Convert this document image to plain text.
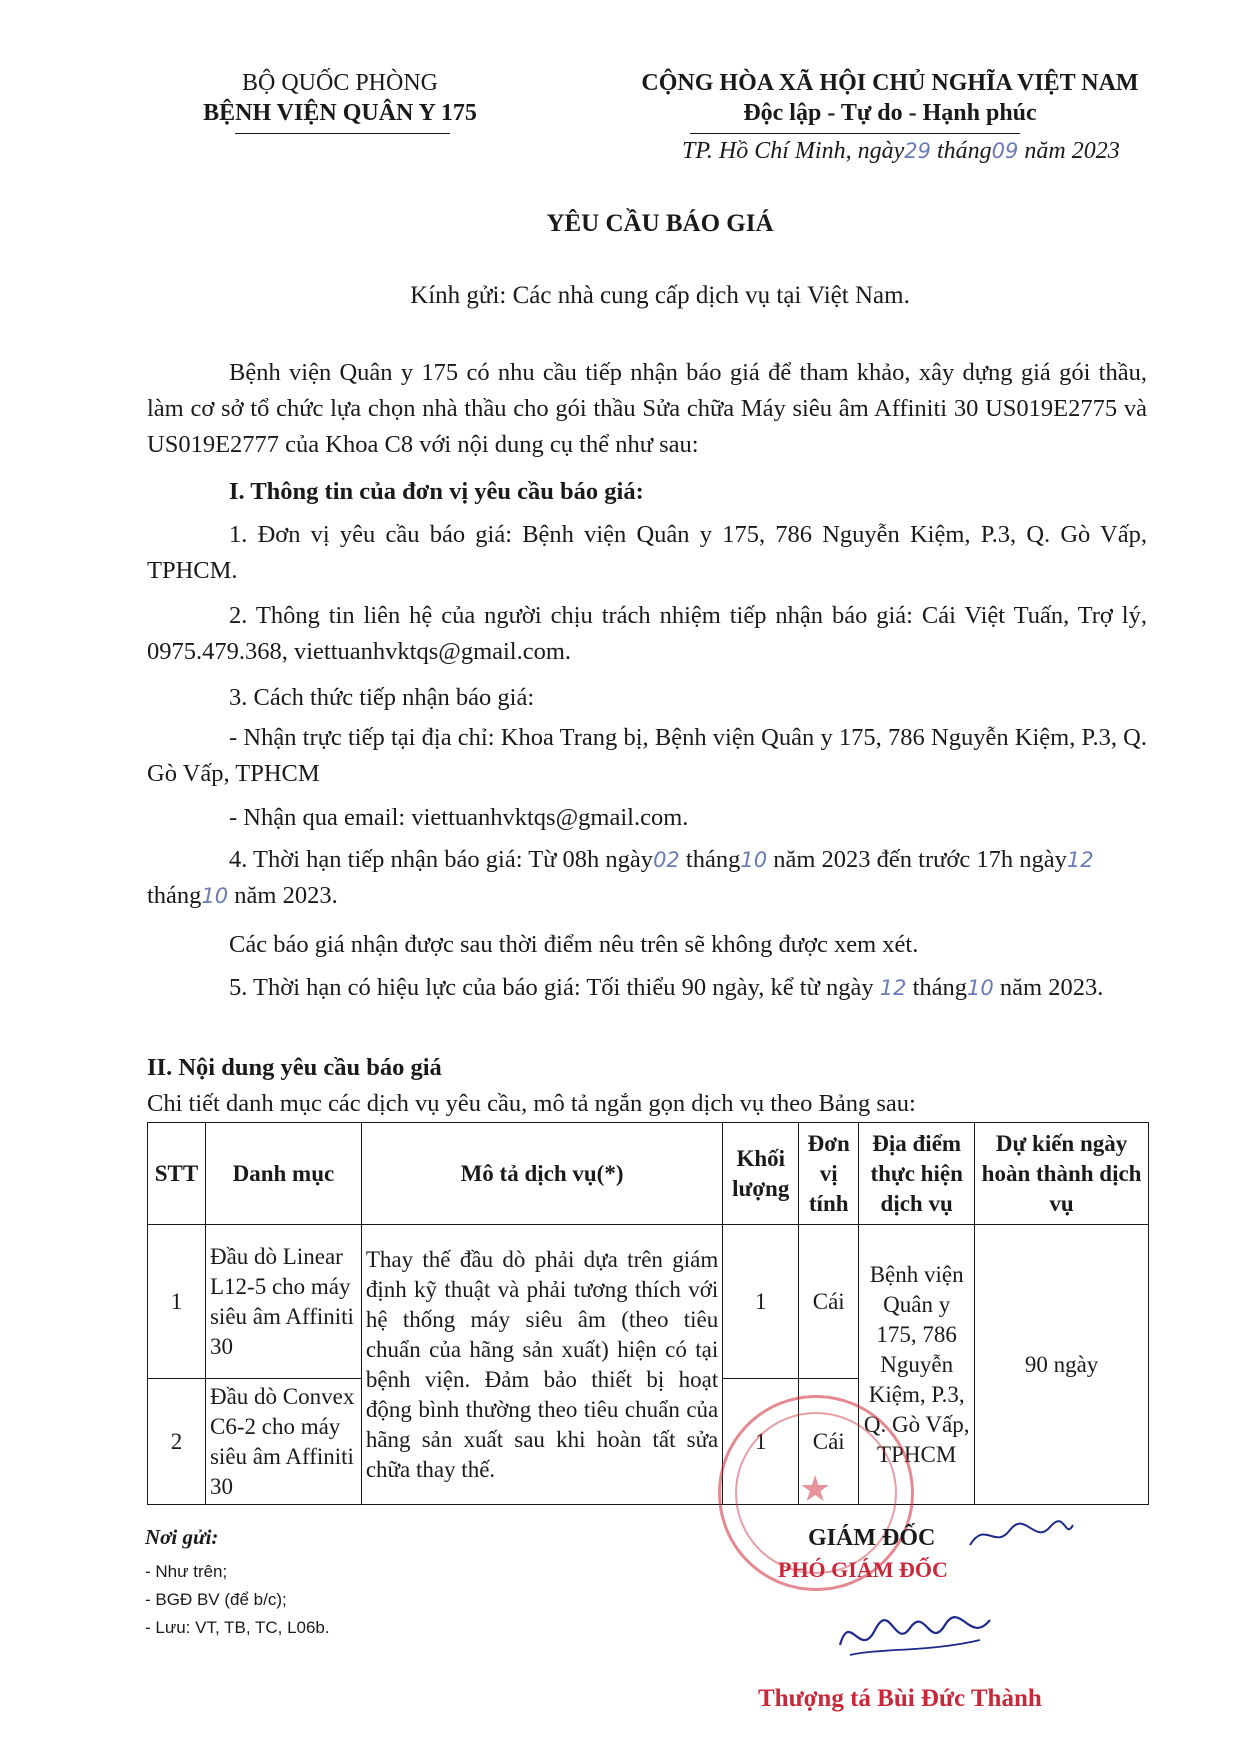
BỘ QUỐC PHÒNG
BỆNH VIỆN QUÂN Y 175
CỘNG HÒA XÃ HỘI CHỦ NGHĨA VIỆT NAM
Độc lập - Tự do - Hạnh phúc
TP. Hồ Chí Minh, ngày29 tháng09 năm 2023
YÊU CẦU BÁO GIÁ
Kính gửi: Các nhà cung cấp dịch vụ tại Việt Nam.
Bệnh viện Quân y 175 có nhu cầu tiếp nhận báo giá để tham khảo, xây dựng giá gói thầu, làm cơ sở tổ chức lựa chọn nhà thầu cho gói thầu Sửa chữa Máy siêu âm Affiniti 30 US019E2775 và US019E2777 của Khoa C8 với nội dung cụ thể như sau:
I. Thông tin của đơn vị yêu cầu báo giá:
1. Đơn vị yêu cầu báo giá: Bệnh viện Quân y 175, 786 Nguyễn Kiệm, P.3, Q. Gò Vấp, TPHCM.
2. Thông tin liên hệ của người chịu trách nhiệm tiếp nhận báo giá: Cái Việt Tuấn, Trợ lý, 0975.479.368, viettuanhvktqs@gmail.com.
3. Cách thức tiếp nhận báo giá:
- Nhận trực tiếp tại địa chỉ: Khoa Trang bị, Bệnh viện Quân y 175, 786 Nguyễn Kiệm, P.3, Q. Gò Vấp, TPHCM
- Nhận qua email: viettuanhvktqs@gmail.com.
4. Thời hạn tiếp nhận báo giá: Từ 08h ngày02 tháng10 năm 2023 đến trước 17h ngày12 tháng10 năm 2023.
Các báo giá nhận được sau thời điểm nêu trên sẽ không được xem xét.
5. Thời hạn có hiệu lực của báo giá: Tối thiểu 90 ngày, kể từ ngày 12 tháng10 năm 2023.
II. Nội dung yêu cầu báo giá
Chi tiết danh mục các dịch vụ yêu cầu, mô tả ngắn gọn dịch vụ theo Bảng sau:
STT	Danh mục	Mô tả dịch vụ(*)	Khối lượng	Đơn vị tính	Địa điểm thực hiện dịch vụ	Dự kiến ngày hoàn thành dịch vụ
1	Đầu dò Linear L12-5 cho máy siêu âm Affiniti 30	Thay thế đầu dò phải dựa trên giám định kỹ thuật và phải tương thích với hệ thống máy siêu âm (theo tiêu chuẩn của hãng sản xuất) hiện có tại bệnh viện. Đảm bảo thiết bị hoạt động bình thường theo tiêu chuẩn của hãng sản xuất sau khi hoàn tất sửa chữa thay thế.	1	Cái	Bệnh viện Quân y 175, 786 Nguyễn Kiệm, P.3, Q. Gò Vấp, TPHCM	90 ngày
2	Đầu dò Convex C6-2 cho máy siêu âm Affiniti 30		1	Cái		
Nơi gửi:
- Như trên;
- BGĐ BV (để b/c);
- Lưu: VT, TB, TC, L06b.
★
GIÁM ĐỐC
PHÓ GIÁM ĐỐC
Thượng tá Bùi Đức Thành
